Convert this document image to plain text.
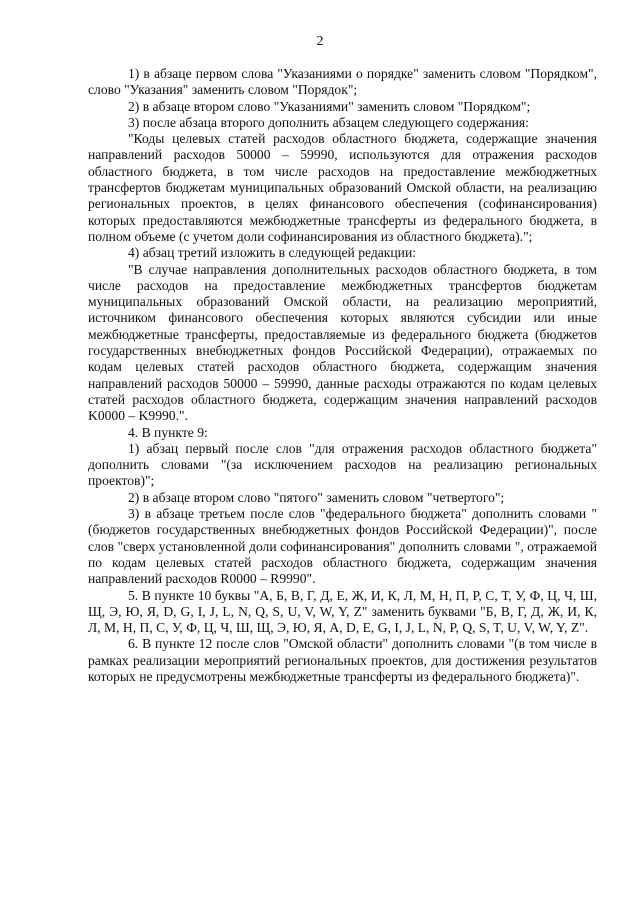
2

1) в абзаце первом слова "Указаниями о порядке" заменить словом "Порядком", слово "Указания" заменить словом "Порядок";

2) в абзаце втором слово "Указаниями" заменить словом "Порядком";

3) после абзаца второго дополнить абзацем следующего содержания:

"Коды целевых статей расходов областного бюджета, содержащие значения направлений расходов 50000 – 59990, используются для отражения расходов областного бюджета, в том числе расходов на предоставление межбюджетных трансфертов бюджетам муниципальных образований Омской области, на реализацию региональных проектов, в целях финансового обеспечения (софинансирования) которых предоставляются межбюджетные трансферты из федерального бюджета, в полном объеме (с учетом доли софинансирования из областного бюджета).";

4) абзац третий изложить в следующей редакции:

"В случае направления дополнительных расходов областного бюджета, в том числе расходов на предоставление межбюджетных трансфертов бюджетам муниципальных образований Омской области, на реализацию мероприятий, источником финансового обеспечения которых являются субсидии или иные межбюджетные трансферты, предоставляемые из федерального бюджета (бюджетов государственных внебюджетных фондов Российской Федерации), отражаемых по кодам целевых статей расходов областного бюджета, содержащим значения направлений расходов 50000 – 59990, данные расходы отражаются по кодам целевых статей расходов областного бюджета, содержащим значения направлений расходов K0000 – K9990.".

4. В пункте 9:

1) абзац первый после слов "для отражения расходов областного бюджета" дополнить словами "(за исключением расходов на реализацию региональных проектов)";

2) в абзаце втором слово "пятого" заменить словом "четвертого";

3) в абзаце третьем после слов "федерального бюджета" дополнить словами "(бюджетов государственных внебюджетных фондов Российской Федерации)", после слов "сверх установленной доли софинансирования" дополнить словами ", отражаемой по кодам целевых статей расходов областного бюджета, содержащим значения направлений расходов R0000 – R9990".

5. В пункте 10 буквы "А, Б, В, Г, Д, Е, Ж, И, К, Л, М, Н, П, Р, С, Т, У, Ф, Ц, Ч, Ш, Щ, Э, Ю, Я, D, G, I, J, L, N, Q, S, U, V, W, Y, Z" заменить буквами "Б, В, Г, Д, Ж, И, К, Л, М, Н, П, С, У, Ф, Ц, Ч, Ш, Щ, Э, Ю, Я, A, D, E, G, I, J, L, N, P, Q, S, T, U, V, W, Y, Z".

6. В пункте 12 после слов "Омской области" дополнить словами "(в том числе в рамках реализации мероприятий региональных проектов, для достижения результатов которых не предусмотрены межбюджетные трансферты из федерального бюджета)".
